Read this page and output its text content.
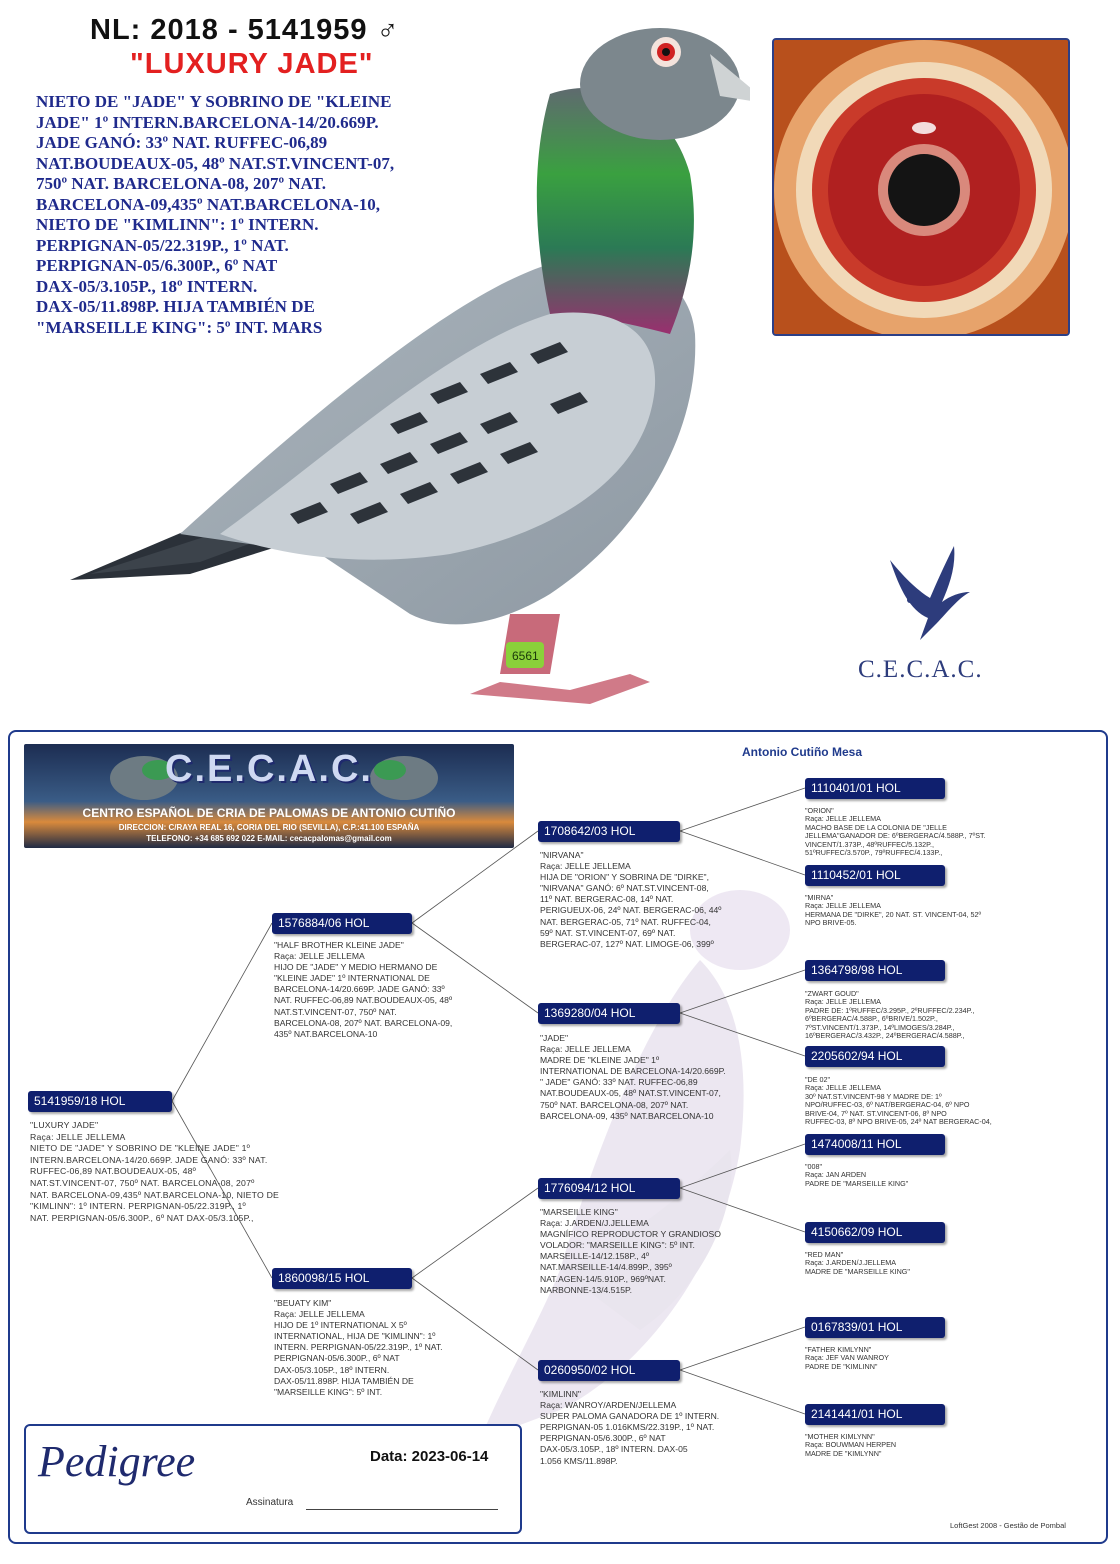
NL: 2018 - 5141959 ♂
"LUXURY JADE"
NIETO DE "JADE" Y SOBRINO DE "KLEINE
JADE" 1º INTERN.BARCELONA-14/20.669P.
JADE GANÓ: 33º NAT. RUFFEC-06,89
NAT.BOUDEAUX-05, 48º NAT.ST.VINCENT-07,
750º NAT. BARCELONA-08, 207º NAT.
BARCELONA-09,435º NAT.BARCELONA-10,
NIETO DE "KIMLINN": 1º INTERN.
PERPIGNAN-05/22.319P., 1º NAT.
PERPIGNAN-05/6.300P., 6º NAT
DAX-05/3.105P., 18º INTERN.
DAX-05/11.898P. HIJA TAMBIÉN DE
"MARSEILLE KING": 5º INT. MARS
6561	C.E.C.A.C.
C.E.C.A.C.
CENTRO ESPAÑOL DE CRIA DE PALOMAS DE ANTONIO CUTIÑO
DIRECCION: C/RAYA REAL 16, CORIA DEL RIO (SEVILLA), C.P.:41.100 ESPAÑA
TELEFONO: +34 685 692 022 E-MAIL: cecacpalomas@gmail.com
Antonio Cutiño Mesa
5141959/18 HOL
"LUXURY JADE"
Raça: JELLE JELLEMA
NIETO DE "JADE" Y SOBRINO DE "KLEINE JADE" 1º
INTERN.BARCELONA-14/20.669P. JADE GANÓ: 33º NAT.
RUFFEC-06,89 NAT.BOUDEAUX-05, 48º
NAT.ST.VINCENT-07, 750º NAT. BARCELONA-08, 207º
NAT. BARCELONA-09,435º NAT.BARCELONA-10, NIETO DE
"KIMLINN": 1º INTERN. PERPIGNAN-05/22.319P., 1º
NAT. PERPIGNAN-05/6.300P., 6º NAT DAX-05/3.105P.,
1576884/06 HOL
"HALF BROTHER KLEINE JADE"
Raça: JELLE JELLEMA
HIJO DE "JADE" Y MEDIO HERMANO DE
"KLEINE JADE" 1º INTERNATIONAL DE
BARCELONA-14/20.669P. JADE GANÓ: 33º
NAT. RUFFEC-06,89 NAT.BOUDEAUX-05, 48º
NAT.ST.VINCENT-07, 750º NAT.
BARCELONA-08, 207º NAT. BARCELONA-09,
435º NAT.BARCELONA-10
1860098/15 HOL
"BEUATY KIM"
Raça: JELLE JELLEMA
HIJO DE 1º INTERNATIONAL X 5º
INTERNATIONAL, HIJA DE "KIMLINN": 1º
INTERN. PERPIGNAN-05/22.319P., 1º NAT.
PERPIGNAN-05/6.300P., 6º NAT
DAX-05/3.105P., 18º INTERN.
DAX-05/11.898P. HIJA TAMBIÉN DE
"MARSEILLE KING": 5º INT.
1708642/03 HOL
"NIRVANA"
Raça: JELLE JELLEMA
HIJA DE "ORION" Y SOBRINA DE "DIRKE",
"NIRVANA" GANÓ: 6º NAT.ST.VINCENT-08,
11º NAT. BERGERAC-08, 14º NAT.
PERIGUEUX-06, 24º NAT. BERGERAC-06, 44º
NAT. BERGERAC-05, 71º NAT. RUFFEC-04,
59º NAT. ST.VINCENT-07, 69º NAT.
BERGERAC-07, 127º NAT. LIMOGE-06, 399º
1369280/04 HOL
"JADE"
Raça: JELLE JELLEMA
MADRE DE "KLEINE JADE" 1º
INTERNATIONAL DE BARCELONA-14/20.669P.
" JADE" GANÓ: 33º NAT. RUFFEC-06,89
NAT.BOUDEAUX-05, 48º NAT.ST.VINCENT-07,
750º NAT. BARCELONA-08, 207º NAT.
BARCELONA-09, 435º NAT.BARCELONA-10
1776094/12 HOL
"MARSEILLE KING"
Raça: J.ARDEN/J.JELLEMA
MAGNÍFICO REPRODUCTOR Y GRANDIOSO
VOLADOR: "MARSEILLE KING": 5º INT.
MARSEILLE-14/12.158P., 4º
NAT.MARSEILLE-14/4.899P., 395º
NAT.AGEN-14/5.910P., 969ºNAT.
NARBONNE-13/4.515P.
0260950/02 HOL
"KIMLINN"
Raça: WANROY/ARDEN/JELLEMA
SUPER PALOMA GANADORA DE 1º INTERN.
PERPIGNAN-05 1.016KMS/22.319P., 1º NAT.
PERPIGNAN-05/6.300P., 6º NAT
DAX-05/3.105P., 18º INTERN. DAX-05
1.056 KMS/11.898P.
1110401/01 HOL
"ORION"
Raça: JELLE JELLEMA
MACHO BASE DE LA COLONIA DE "JELLE
JELLEMA"GANADOR DE: 6ºBERGERAC/4.588P., 7ºST.
VINCENT/1.373P., 48ºRUFFEC/5.132P.,
51ºRUFFEC/3.570P., 79ºRUFFEC/4.133P.,
1110452/01 HOL
"MIRNA"
Raça: JELLE JELLEMA
HERMANA DE "DIRKE", 20 NAT. ST. VINCENT-04, 52º
NPO BRIVE-05.
1364798/98 HOL
"ZWART GOUD"
Raça: JELLE JELLEMA
PADRE DE: 1ºRUFFEC/3.295P., 2ºRUFFEC/2.234P.,
6ºBERGERAC/4.588P., 6ºBRIVE/1.502P.,
7ºST.VINCENT/1.373P., 14ºLIMOGES/3.284P.,
16ºBERGERAC/3.432P., 24ºBERGERAC/4.588P.,
2205602/94 HOL
"DE 02"
Raça: JELLE JELLEMA
30º NAT.ST.VINCENT-98 Y MADRE DE: 1º
NPO/RUFFEC-03, 6º NAT/BERGERAC-04, 6º NPO
BRIVE-04, 7º NAT. ST.VINCENT-06, 8º NPO
RUFFEC-03, 8º NPO BRIVE-05, 24º NAT BERGERAC-04,
1474008/11 HOL
"008"
Raça: JAN ARDEN
PADRE DE "MARSEILLE KING"
4150662/09 HOL
"RED MAN"
Raça: J.ARDEN/J.JELLEMA
MADRE DE "MARSEILLE KING"
0167839/01 HOL
"FATHER KIMLYNN"
Raça: JEF VAN WANROY
PADRE DE "KIMLINN"
2141441/01 HOL
"MOTHER KIMLYNN"
Raça: BOUWMAN HERPEN
MADRE DE "KIMLYNN"
Pedigree	Data: 2023-06-14
Assinatura
LoftGest 2008 - Gestão de Pombal
